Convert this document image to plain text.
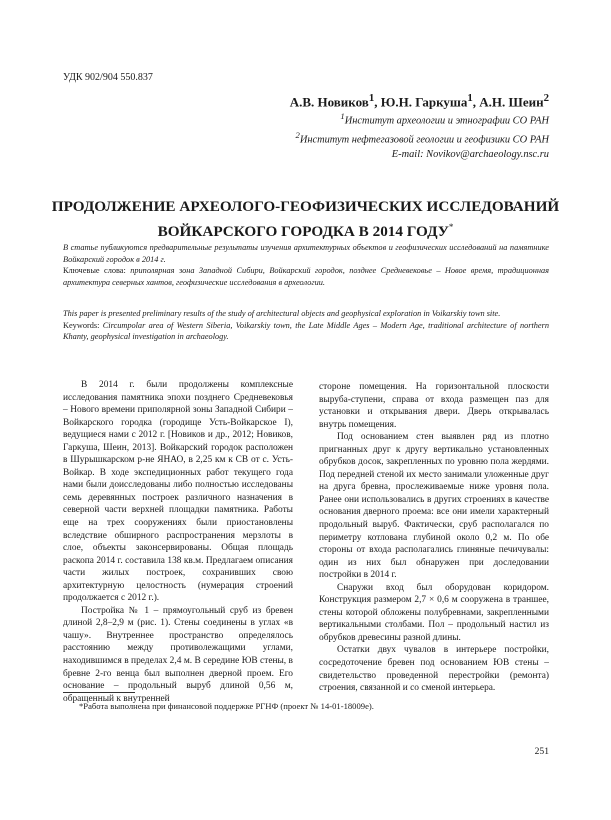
УДК 902/904 550.837
А.В. Новиков$^1$, Ю.Н. Гаркуша$^1$, А.Н. Шеин$^2$
$^1$Институт археологии и этнографии СО РАН
$^2$Институт нефтегазовой геологии и геофизики СО РАН
E-mail: Novikov@archaeology.nsc.ru
ПРОДОЛЖЕНИЕ АРХЕОЛОГО-ГЕОФИЗИЧЕСКИХ ИССЛЕДОВАНИЙ
ВОЙКАРСКОГО ГОРОДКА В 2014 ГОДУ*
В статье публикуются предварительные результаты изучения архитектурных объектов и геофизических исследований на памятнике Войкарский городок в 2014 г.
Ключевые слова: приполярная зона Западной Сибири, Войкарский городок, позднее Средневековье – Новое время, традиционная архитектура северных хантов, геофизические исследования в археологии.
This paper is presented preliminary results of the study of architectural objects and geophysical exploration in Voikarskiy town site.
Keywords: Circumpolar area of Western Siberia, Voikarskiy town, the Late Middle Ages – Modern Age, traditional architecture of northern Khanty, geophysical investigation in archaeology.

В 2014 г. были продолжены комплексные исследования памятника эпохи позднего Средневековья – Нового времени приполярной зоны Западной Сибири – Войкарского городка (городище Усть-Войкарское I), ведущиеся нами с 2012 г. [Новиков и др., 2012; Новиков, Гаркуша, Шеин, 2013]. Войкарский городок расположен в Шурышкарском р-не ЯНАО, в 2,25 км к СВ от с. Усть-Войкар. В ходе экспедиционных работ текущего года нами были доисследованы либо полностью исследованы семь деревянных построек различного назначения в северной части верхней площадки памятника. Работы еще на трех сооружениях были приостановлены вследствие обширного распространения мерзлоты в слое, объекты законсервированы. Общая площадь раскопа 2014 г. составила 138 кв.м. Предлагаем описания части жилых построек, сохранивших свою архитектурную целостность (нумерация строений продолжается с 2012 г.).

Постройка № 1 – прямоугольный сруб из бревен длиной 2,8–2,9 м (рис. 1). Стены соединены в углах «в чашу». Внутреннее пространство определялось расстоянию между противолежащими углами, находившимся в пределах 2,4 м. В середине ЮВ стены, в бревне 2-го венца был выполнен дверной проем. Его основание – продольный выруб длиной 0,56 м, обращенный к внутренней

стороне помещения. На горизонтальной плоскости выруба-ступени, справа от входа размещен паз для установки и открывания двери. Дверь открывалась внутрь помещения.

Под основанием стен выявлен ряд из плотно пригнанных друг к другу вертикально установленных обрубков досок, закрепленных по уровню пола жердями. Под передней стеной их место занимали уложенные друг на друга бревна, прослеживаемые ниже уровня пола. Ранее они использовались в других строениях в качестве основания дверного проема: все они имели характерный продольный выруб. Фактически, сруб располагался по периметру котлована глубиной около 0,2 м. По обе стороны от входа располагались глиняные печичувалы: один из них был обнаружен при доследовании постройки в 2014 г.

Снаружи вход был оборудован коридором. Конструкция размером 2,7 × 0,6 м сооружена в траншее, стены которой обложены полубревнами, закрепленными вертикальными столбами. Пол – продольный настил из обрубков древесины разной длины.

Остатки двух чувалов в интерьере постройки, сосредоточение бревен под основанием ЮВ стены – свидетельство проведенной перестройки (ремонта) строения, связанной и со сменой интерьера.

*Работа выполнена при финансовой поддержке РГНФ (проект № 14-01-18009е).
251
